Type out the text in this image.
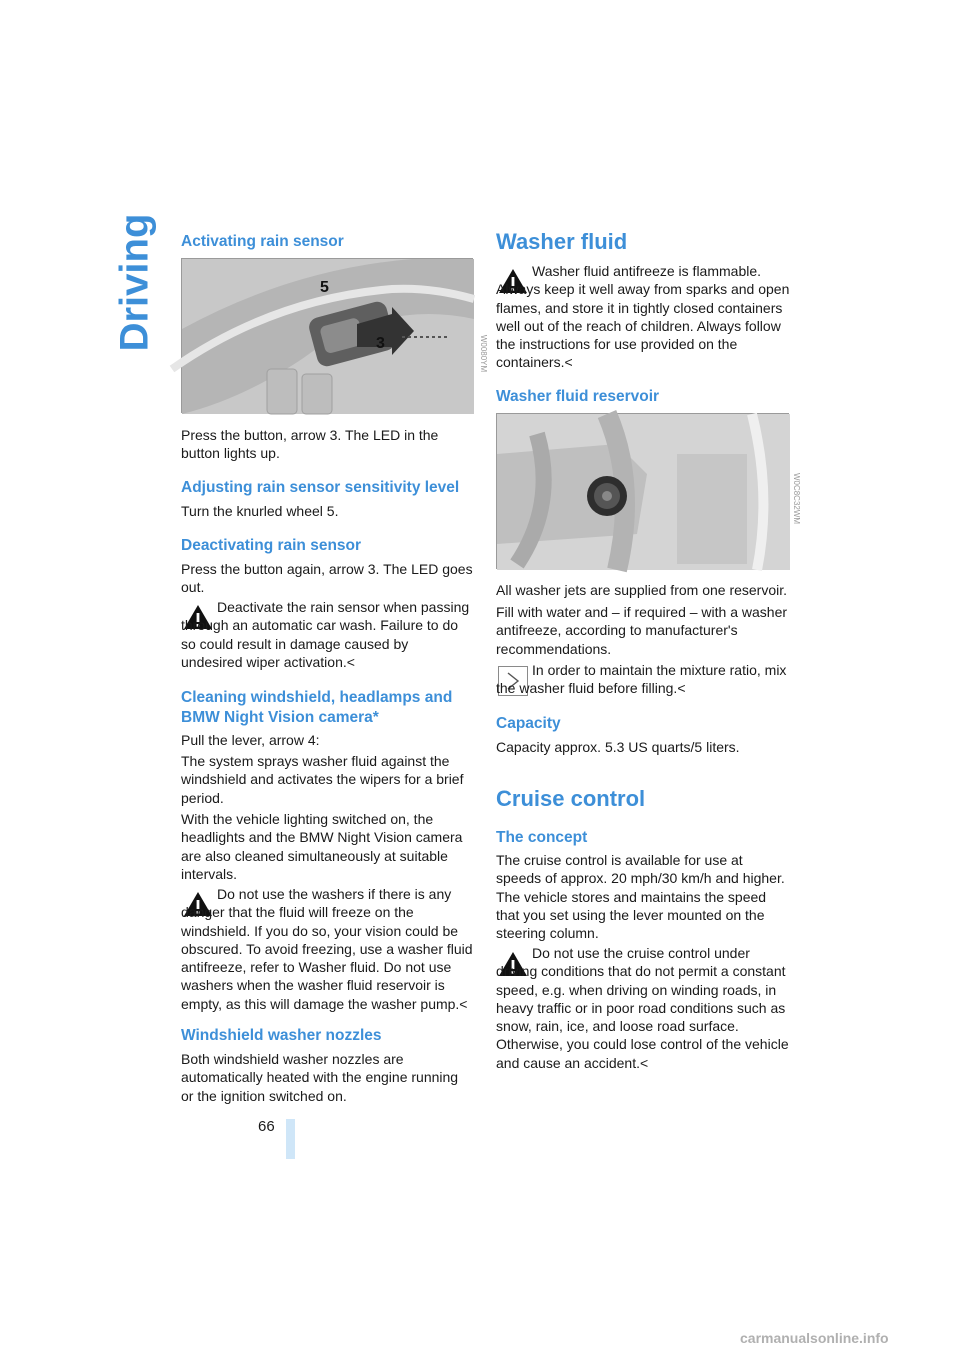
Driving Activating rain sensor
5
3	W0080YM

Press the button, arrow 3. The LED in the button lights up.

Adjusting rain sensor sensitivity level

Turn the knurled wheel 5.

Deactivating rain sensor

Press the button again, arrow 3. The LED goes out.

Deactivate the rain sensor when passing through an automatic car wash. Failure to do so could result in damage caused by undesired wiper activation.<

Cleaning windshield, headlamps and BMW Night Vision camera*

Pull the lever, arrow 4:

The system sprays washer fluid against the windshield and activates the wipers for a brief period.

With the vehicle lighting switched on, the headlights and the BMW Night Vision camera are also cleaned simultaneously at suitable intervals.

Do not use the washers if there is any danger that the fluid will freeze on the windshield. If you do so, your vision could be obscured. To avoid freezing, use a washer fluid antifreeze, refer to Washer fluid. Do not use washers when the washer fluid reservoir is empty, as this will damage the washer pump.<

Windshield washer nozzles

Both windshield washer nozzles are automatically heated with the engine running or the ignition switched on.

Washer fluid

Washer fluid antifreeze is flammable. Always keep it well away from sparks and open flames, and store it in tightly closed containers well out of the reach of children. Always follow the instructions for use provided on the containers.<

Washer fluid reservoir
W0C8C32WM

All washer jets are supplied from one reservoir.

Fill with water and – if required – with a washer antifreeze, according to manufacturer's recommendations.

In order to maintain the mixture ratio, mix the washer fluid before filling.<

Capacity

Capacity approx. 5.3 US quarts/5 liters.

Cruise control
The concept

The cruise control is available for use at speeds of approx. 20 mph/30 km/h and higher. The vehicle stores and maintains the speed that you set using the lever mounted on the steering column.

Do not use the cruise control under driving conditions that do not permit a constant speed, e.g. when driving on winding roads, in heavy traffic or in poor road conditions such as snow, rain, ice, and loose road surface. Otherwise, you could lose control of the vehicle and cause an accident.<

66
carmanualsonline.info
